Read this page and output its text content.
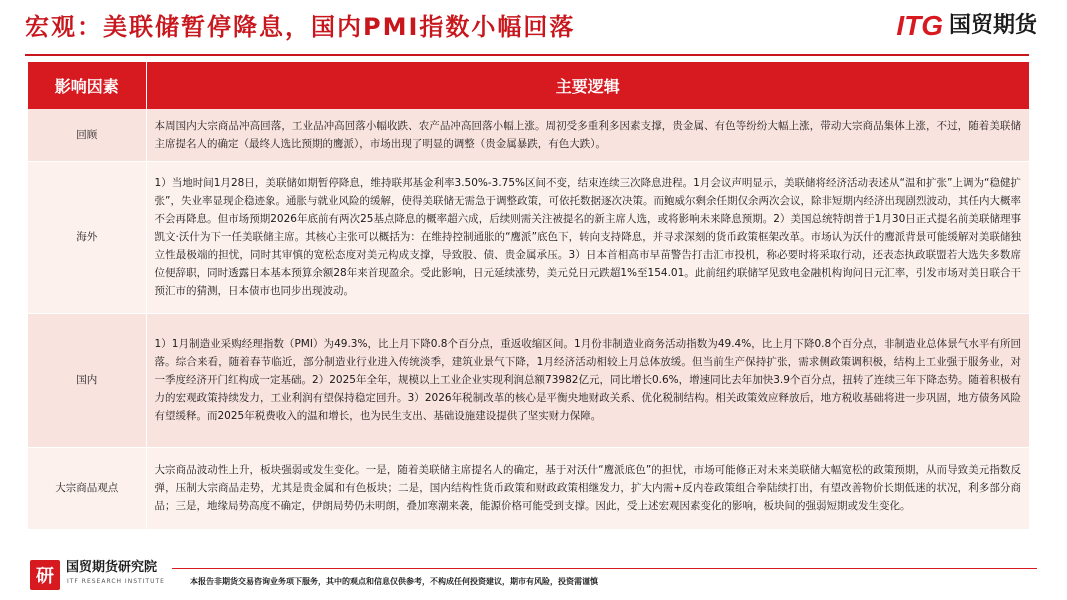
宏观：美联储暂停降息，国内PMI指数小幅回落	ITG 国贸期货
影响因素	主要逻辑
回顾	本周国内大宗商品冲高回落，工业品冲高回落小幅收跌、农产品冲高回落小幅上涨。周初受多重利多因素支撑，贵金属、有色等纷纷大幅上涨，带动大宗商品集体上涨，不过，随着美联储主席提名人的确定（最终人选比预期的鹰派），市场出现了明显的调整（贵金属暴跌，有色大跌）。
海外	1）当地时间1月28日，美联储如期暂停降息，维持联邦基金利率3.50%-3.75%区间不变，结束连续三次降息进程。1月会议声明显示，美联储将经济活动表述从“温和扩张”上调为“稳健扩张”，失业率显现企稳迹象。通胀与就业风险的缓解，使得美联储无需急于调整政策，可依托数据逐次决策。而鲍威尔剩余任期仅余两次会议，除非短期内经济出现剧烈波动，其任内大概率不会再降息。但市场预期2026年底前有两次25基点降息的概率超六成，后续则需关注被提名的新主席人选，或将影响未来降息预期。2）美国总统特朗普于1月30日正式提名前美联储理事凯文·沃什为下一任美联储主席。其核心主张可以概括为：在维持控制通胀的“鹰派”底色下，转向支持降息，并寻求深刻的货币政策框架改革。市场认为沃什的鹰派背景可能缓解对美联储独立性最极端的担忧，同时其审慎的宽松态度对美元构成支撑，导致股、债、贵金属承压。3）日本首相高市早苗警告打击汇市投机，称必要时将采取行动，还表态执政联盟若大选失多数席位便辞职，同时透露日本基本预算余额28年来首现盈余。受此影响，日元延续涨势，美元兑日元跌超1%至154.01。此前纽约联储罕见致电金融机构询问日元汇率，引发市场对美日联合干预汇市的猜测，日本债市也同步出现波动。
国内	1）1月制造业采购经理指数（PMI）为49.3%，比上月下降0.8个百分点，重返收缩区间。1月份非制造业商务活动指数为49.4%，比上月下降0.8个百分点，非制造业总体景气水平有所回落。综合来看，随着春节临近，部分制造业行业进入传统淡季，建筑业景气下降，1月经济活动相较上月总体放缓。但当前生产保持扩张，需求侧政策调积极，结构上工业强于服务业，对一季度经济开门红构成一定基础。2）2025年全年，规模以上工业企业实现利润总额73982亿元，同比增长0.6%，增速同比去年加快3.9个百分点，扭转了连续三年下降态势。随着积极有力的宏观政策持续发力，工业利润有望保持稳定回升。3）2026年税制改革的核心是平衡央地财政关系、优化税制结构。相关政策效应释放后，地方税收基础将进一步巩固，地方债务风险有望缓释。而2025年税费收入的温和增长，也为民生支出、基础设施建设提供了坚实财力保障。
大宗商品观点	大宗商品波动性上升，板块强弱或发生变化。一是，随着美联储主席提名人的确定，基于对沃什“鹰派底色”的担忧，市场可能修正对未来美联储大幅宽松的政策预期，从而导致美元指数反弹，压制大宗商品走势，尤其是贵金属和有色板块；二是，国内结构性货币政策和财政政策相继发力，扩大内需+反内卷政策组合拳陆续打出，有望改善物价长期低迷的状况，利多部分商品；三是，地缘局势高度不确定，伊朗局势仍未明朗，叠加寒潮来袭，能源价格可能受到支撑。因此，受上述宏观因素变化的影响，板块间的强弱短期或发生变化。
研 国贸期货研究院
ITF RESEARCH INSTITUTE	本报告非期货交易咨询业务项下服务，其中的观点和信息仅供参考，不构成任何投资建议，期市有风险，投资需谨慎
